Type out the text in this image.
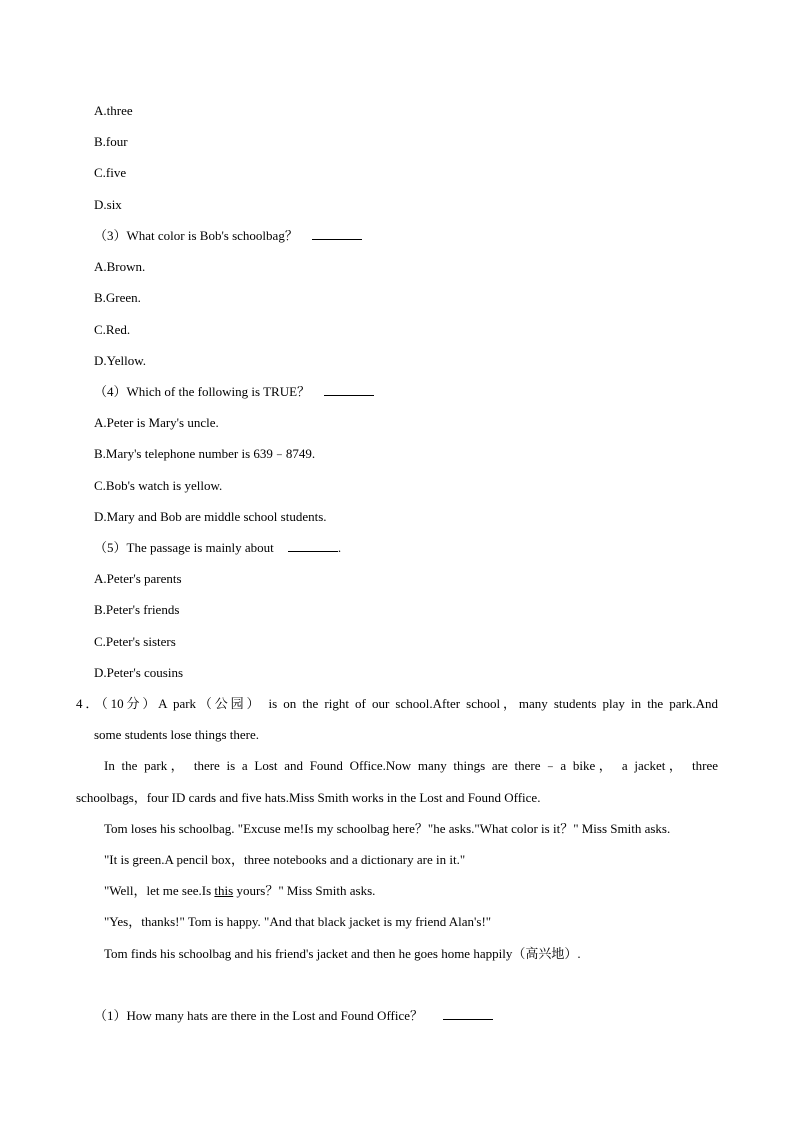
A.three
B.four
C.five
D.six
（3）What color is Bob's schoolbag？
A.Brown.
B.Green.
C.Red.
D.Yellow.
（4）Which of the following is TRUE？
A.Peter is Mary's uncle.
B.Mary's telephone number is 639﹣8749.
C.Bob's watch is yellow.
D.Mary and Bob are middle school students.
（5）The passage is mainly about	.
A.Peter's parents
B.Peter's friends
C.Peter's sisters
D.Peter's cousins
4．（10分）A park（公园） is on the right of our school.After school，many students play in the park.And
some students lose things there.
In the park， there is a Lost and Found Office.Now many things are there﹣a bike， a jacket， three
schoolbags，four ID cards and five hats.Miss Smith works in the Lost and Found Office.
Tom loses his schoolbag. "Excuse me!Is my schoolbag here？"he asks."What color is it？" Miss Smith asks.
"It is green.A pencil box，three notebooks and a dictionary are in it."
"Well，let me see.Is this yours？" Miss Smith asks.
"Yes，thanks!" Tom is happy. "And that black jacket is my friend Alan's!"
Tom finds his schoolbag and his friend's jacket and then he goes home happily（高兴地）.
（1）How many hats are there in the Lost and Found Office？
